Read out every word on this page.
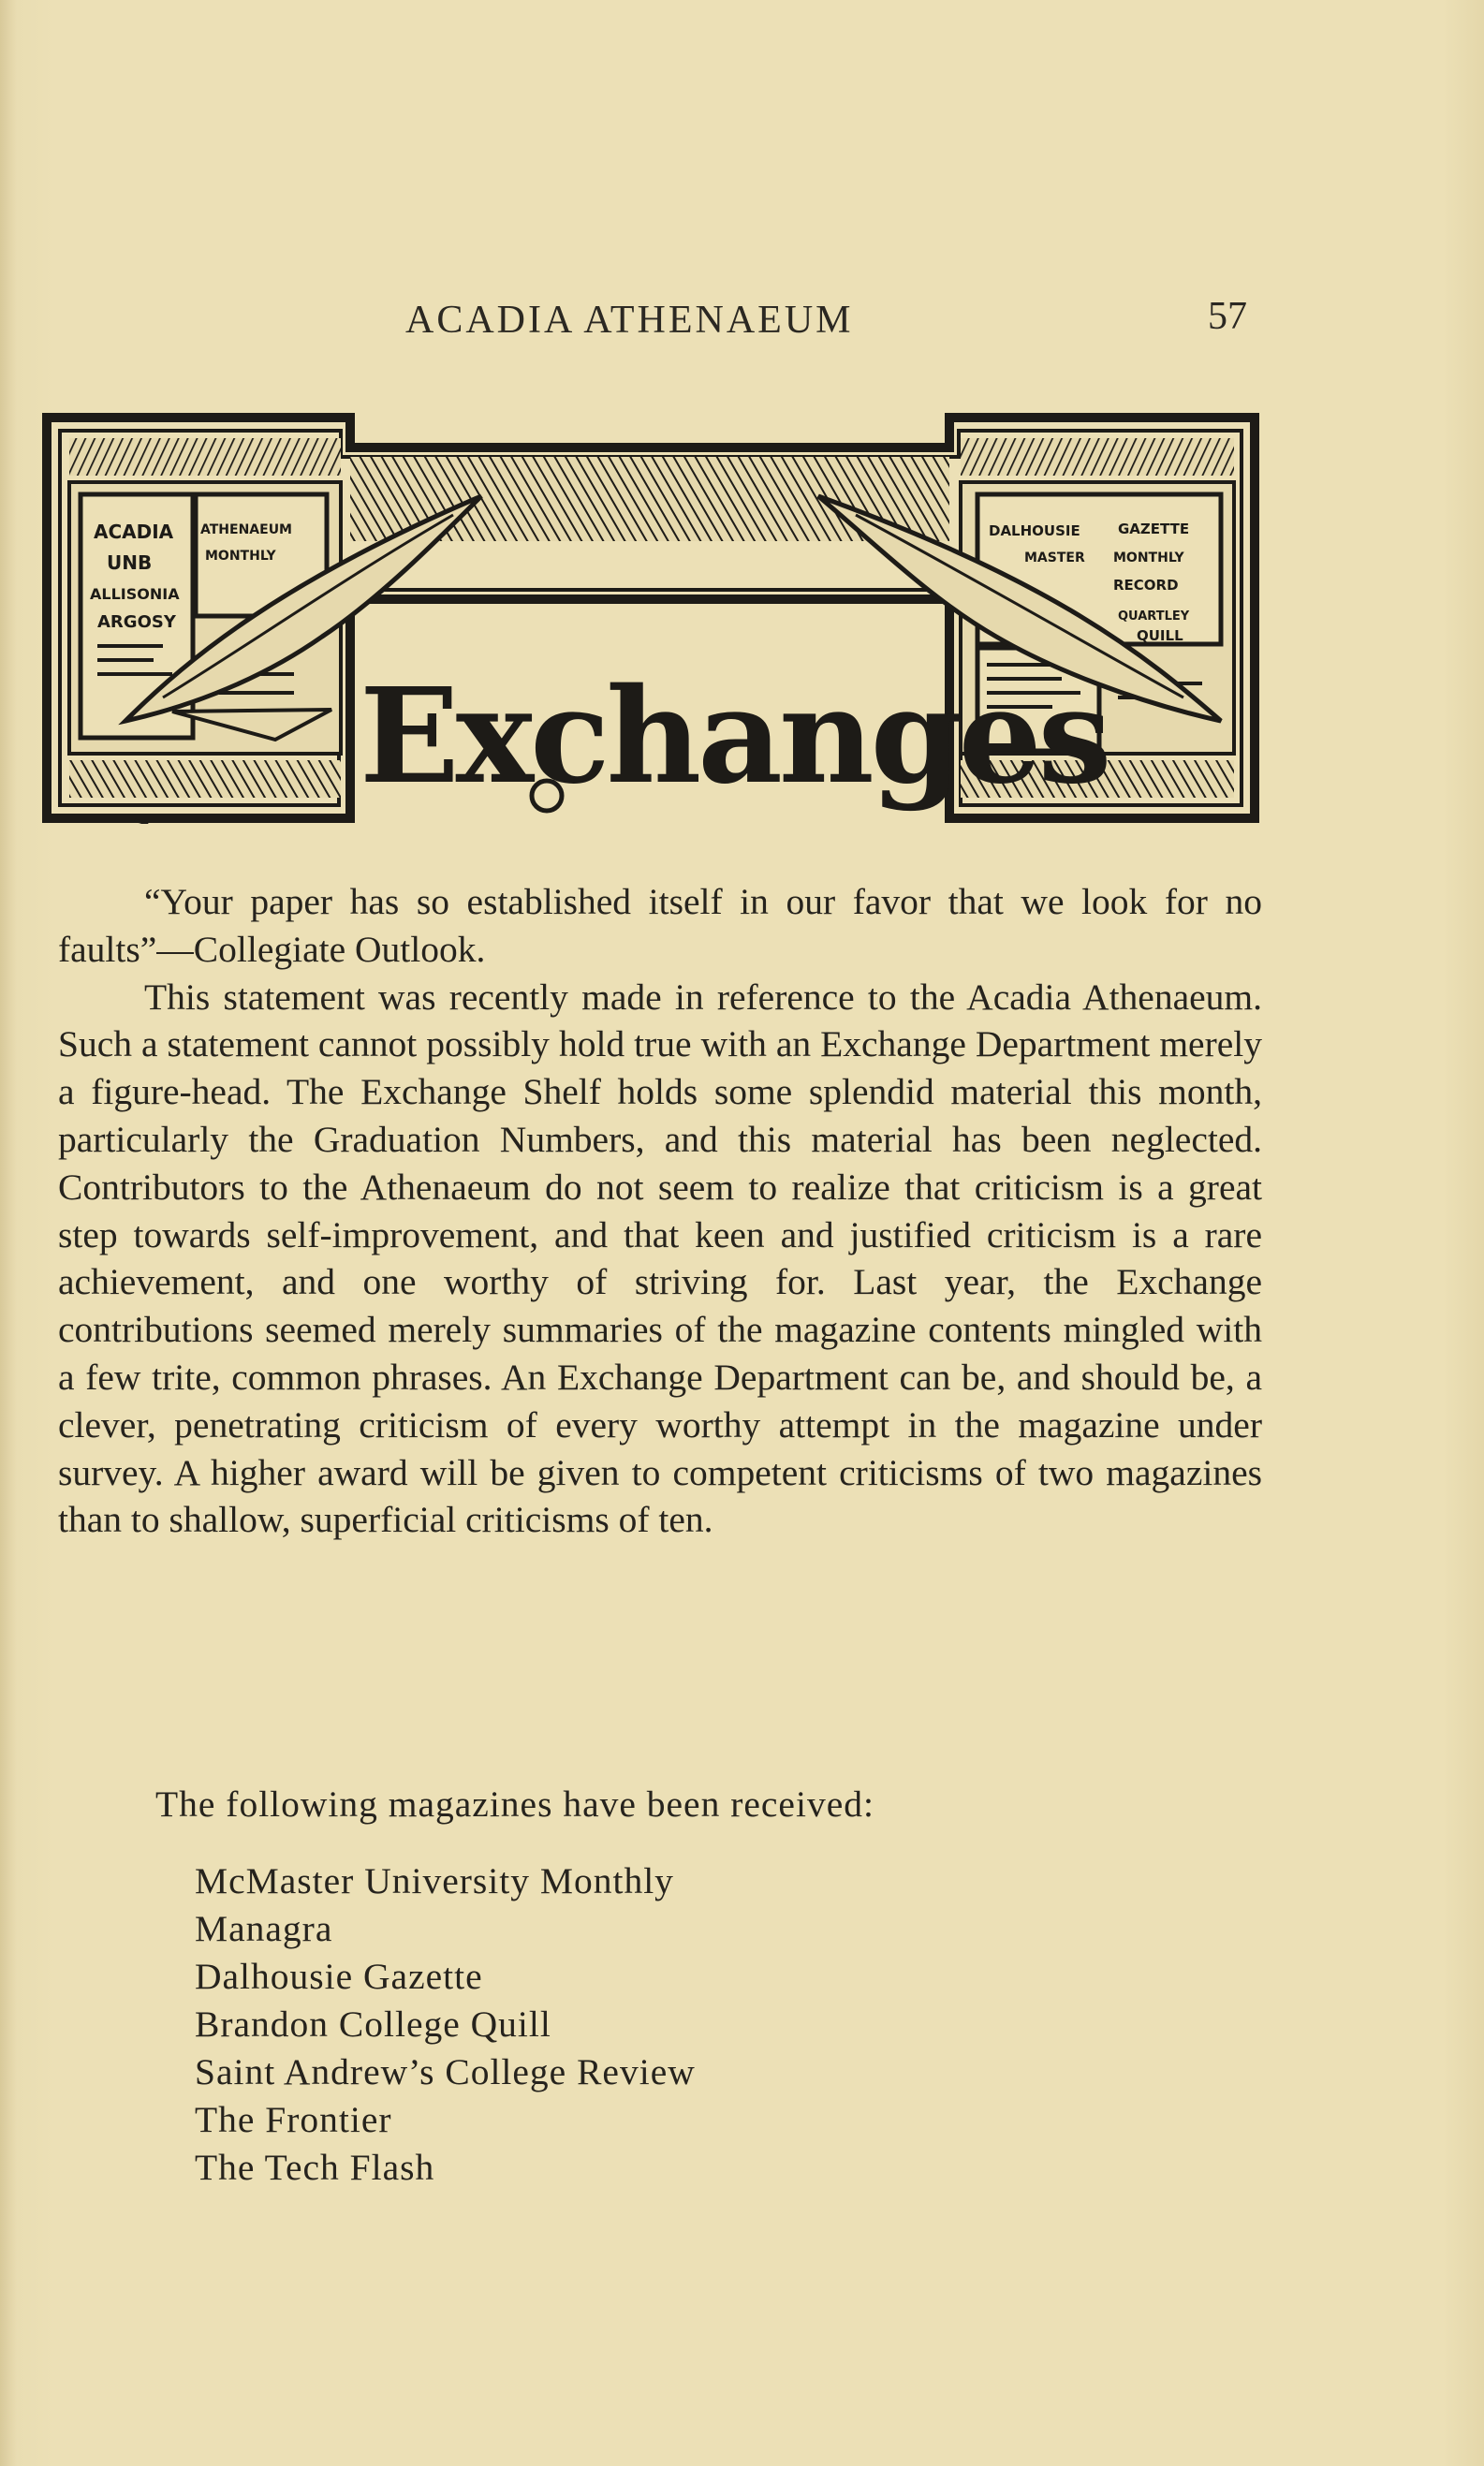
ACADIA ATHENAEUM	57
ACADIA
UNB
ALLISONIA
ARGOSY
ATHENAEUM
MONTHLY
DALHOUSIE	GAZETTE
MASTER MONTHLY
RECORD
QUARTLEY
QUILL
Exchanges

“Your paper has so established itself in our favor that we look for no faults”—Collegiate Outlook.

This statement was recently made in reference to the Acadia Athenaeum. Such a statement cannot possibly hold true with an Exchange Department merely a figure-head. The Exchange Shelf holds some splendid material this month, particularly the Graduation Numbers, and this material has been neglected. Contributors to the Athenaeum do not seem to realize that criticism is a great step towards self-improvement, and that keen and justified criticism is a rare achievement, and one worthy of striving for. Last year, the Exchange contributions seemed merely summaries of the magazine contents mingled with a few trite, common phrases. An Exchange Department can be, and should be, a clever, penetrating criticism of every worthy attempt in the magazine under survey. A higher award will be given to competent criticisms of two magazines than to shallow, superficial criticisms of ten.

The following magazines have been received:
McMaster University Monthly
Managra
Dalhousie Gazette
Brandon College Quill
Saint Andrew’s College Review
The Frontier
The Tech Flash
